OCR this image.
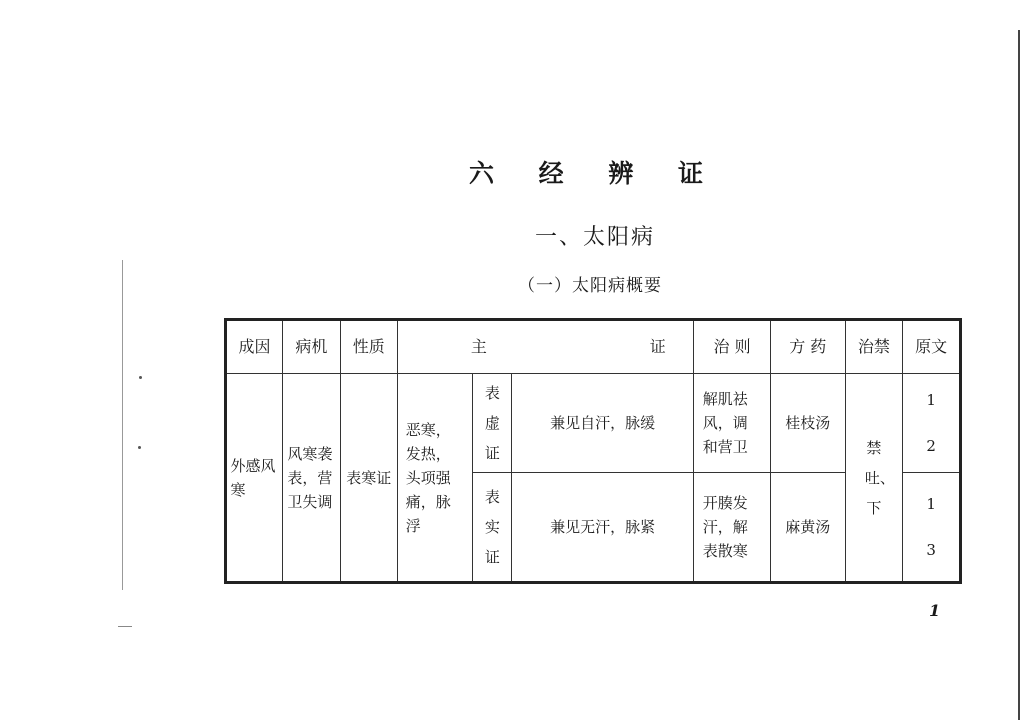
六 经 辨 证
一、太阳病
（一）太阳病概要
成因	病机	性质	主 证			治 则	方 药	治禁	原文
外感风寒	风寒袭表，营卫失调	表寒证	恶寒，发热，头项强痛，脉浮	表虚证	兼见自汗，脉缓	解肌祛风，调和营卫	桂枝汤	禁吐、下	12
				表实证	兼见无汗，脉紧	开腠发汗，解表散寒	麻黄汤		13
1
